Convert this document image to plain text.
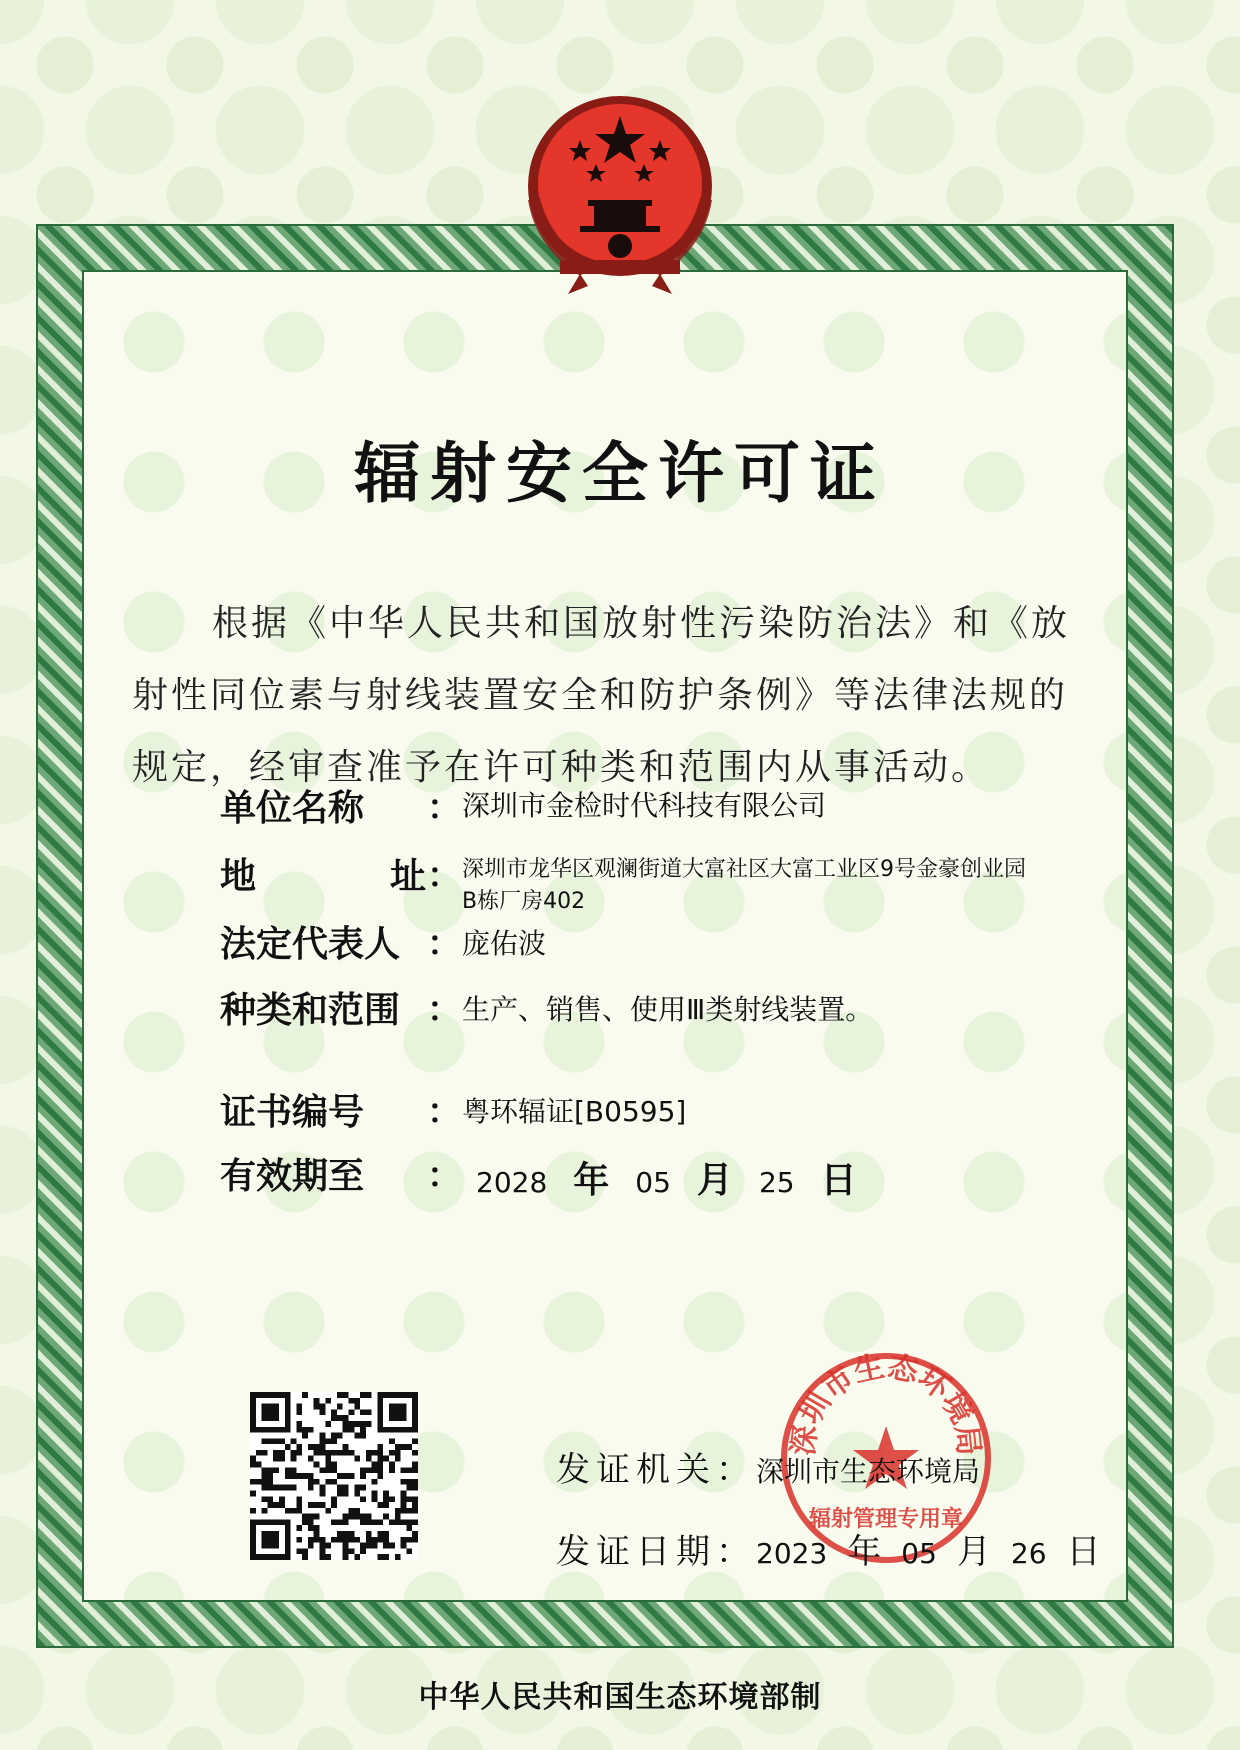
辐射安全许可证
根据《中华人民共和国放射性污染防治法》和《放射性同位素与射线装置安全和防护条例》等法律法规的规定，经审查准予在许可种类和范围内从事活动。
单位名称 ： 深圳市金检时代科技有限公司
地	址 ： 深圳市龙华区观澜街道大富社区大富工业区9号金豪创业园
B栋厂房402
法定代表人 ： 庞佑波
种类和范围 ： 生产、销售、使用Ⅲ类射线装置。
证书编号 ： 粤环辐证[B0595]
有效期至 ： 2028 年 05 月 25 日
深圳市生态环境局
辐射管理专用章
发证机关： 深圳市生态环境局
发证日期： 2023 年 05 月 26 日
中华人民共和国生态环境部制
